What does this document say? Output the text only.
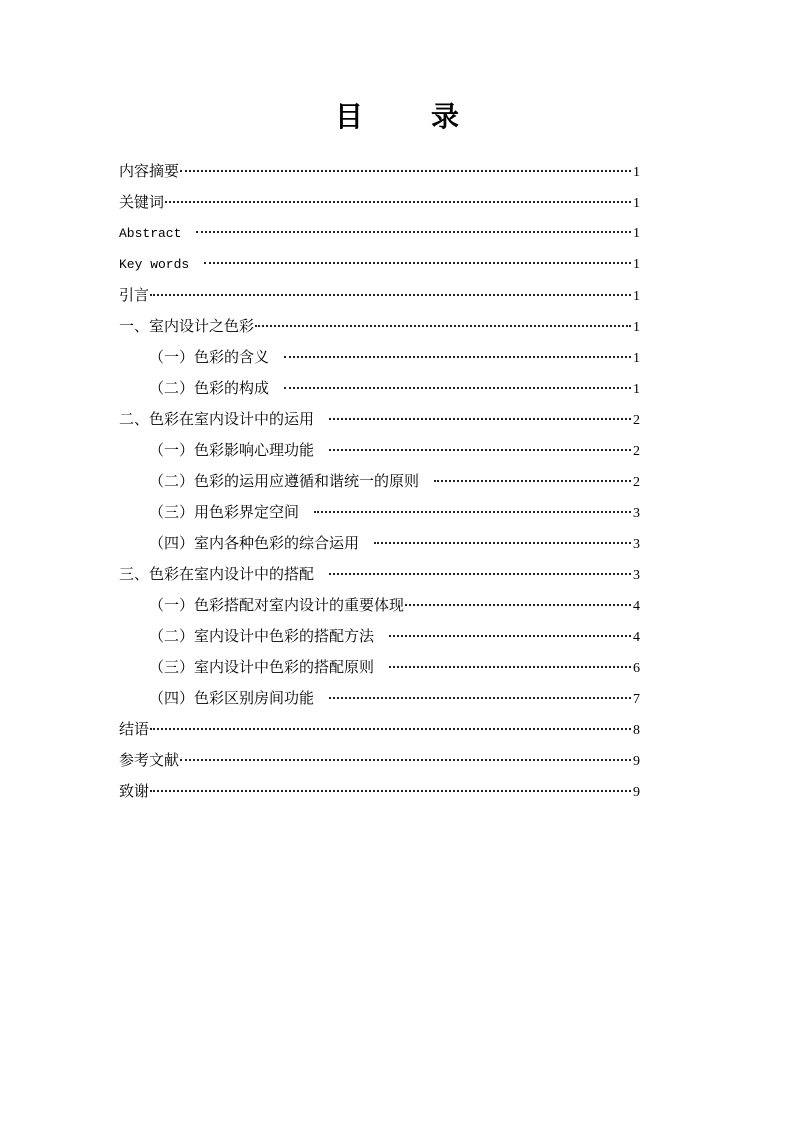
目　录
内容摘要	1
关键词	1
Abstract	1
Key words	1
引言	1
一、室内设计之色彩	1
（一）色彩的含义	1
（二）色彩的构成	1
二、色彩在室内设计中的运用	2
（一）色彩影响心理功能	2
（二）色彩的运用应遵循和谐统一的原则	2
（三）用色彩界定空间	3
（四）室内各种色彩的综合运用	3
三、色彩在室内设计中的搭配	3
（一）色彩搭配对室内设计的重要体现	4
（二）室内设计中色彩的搭配方法	4
（三）室内设计中色彩的搭配原则	6
（四）色彩区别房间功能	7
结语	8
参考文献	9
致谢	9
